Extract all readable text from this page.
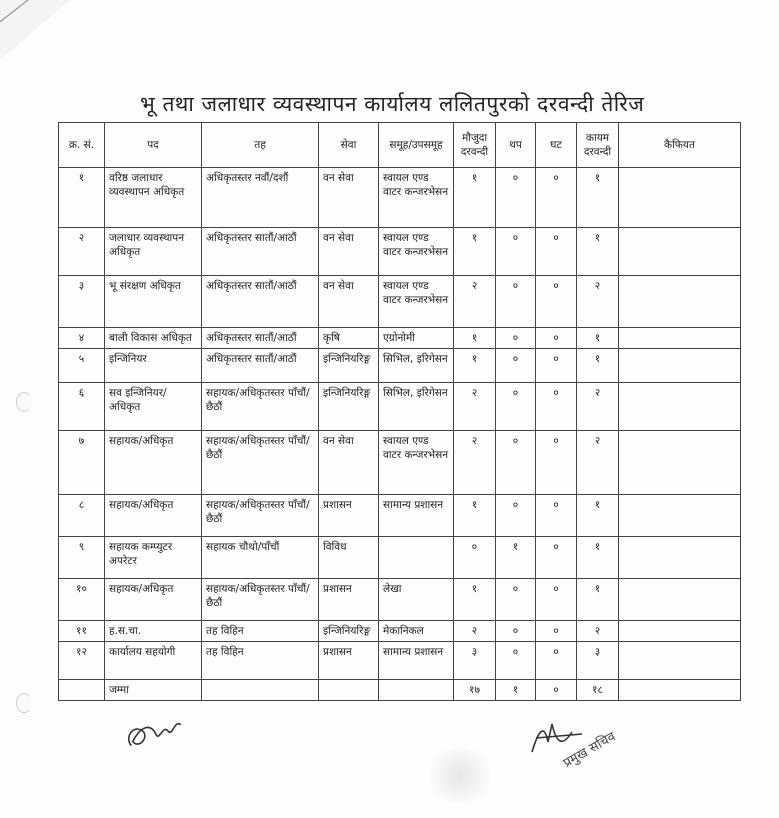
भू तथा जलाधार व्यवस्थापन कार्यालय ललितपुरको दरवन्दी तेरिज
क्र. सं.	पद	तह	सेवा	समूह/उपसमूह	मौजुदा दरवन्दी	थप	घट	कायम दरवन्दी	कैफियत
१	वरिष्ठ जलाधार व्यवस्थापन अधिकृत	अधिकृतस्तर नवौं/दशौं	वन सेवा	स्वायल एण्ड वाटर कन्जरभेसन	१	०	०	१	
२	जलाधार व्यवस्थापन अधिकृत	अधिकृतस्तर सातौं/आठौं	वन सेवा	स्वायल एण्ड वाटर कन्जरभेसन	१	०	०	१	
३	भू संरक्षण अधिकृत	अधिकृतस्तर सातौं/आठौं	वन सेवा	स्वायल एण्ड वाटर कन्जरभेसन	२	०	०	२	
४	बाली विकास अधिकृत	अधिकृतस्तर सातौं/आठौं	कृषि	एग्रोनोमी	१	०	०	१	
५	इन्जिनियर	अधिकृतस्तर सातौं/आठौं	इन्जिनियरिङ्ग	सिभिल, इरिगेसन	१	०	०	१	
६	सव इन्जिनियर/अधिकृत	सहायक/अधिकृतस्तर पाँचौं/छैठौं	इन्जिनियरिङ्ग	सिभिल, इरिगेसन	२	०	०	२	
७	सहायक/अधिकृत	सहायक/अधिकृतस्तर पाँचौं/छैठौं	वन सेवा	स्वायल एण्ड वाटर कन्जरभेसन	२	०	०	२	
८	सहायक/अधिकृत	सहायक/अधिकृतस्तर पाँचौं/छैठौं	प्रशासन	सामान्य प्रशासन	१	०	०	१	
९	सहायक कम्प्युटर अपरेटर	सहायक चौथो/पाँचौं	विविध		०	१	०	१	
१०	सहायक/अधिकृत	सहायक/अधिकृतस्तर पाँचौं/छैठौं	प्रशासन	लेखा	१	०	०	१	
११	ह.स.चा.	तह विहिन	इन्जिनियरिङ्ग	मेकानिकल	२	०	०	२	
१२	कार्यालय सहयोगी	तह विहिन	प्रशासन	सामान्य प्रशासन	३	०	०	३	
	जम्मा				१७	१	०	१८	
प्रमुख सचिव
